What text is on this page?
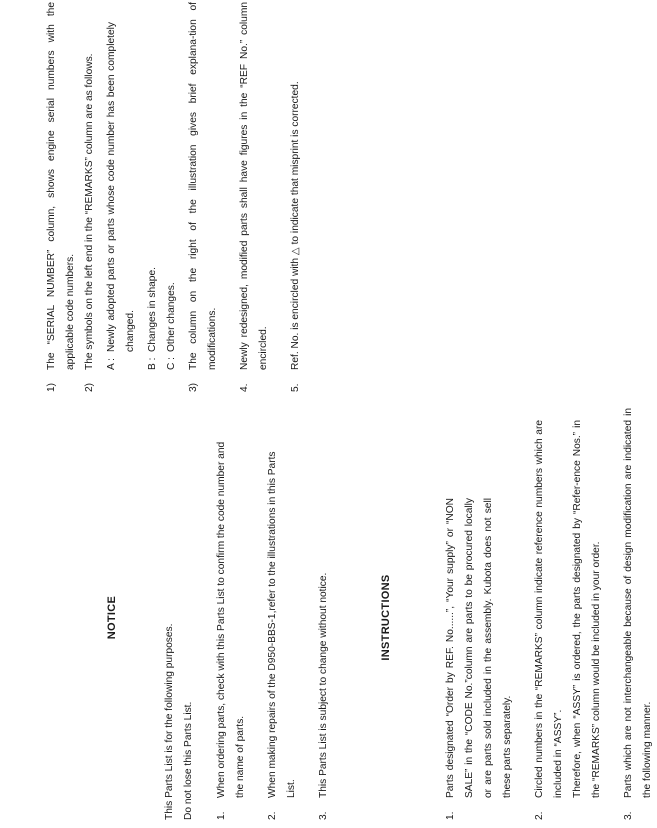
NOTICE

This Parts List is for the following purposes. Do not lose this Parts List.	1.
When ordering parts, check with this Parts List to confirm the code number and the name of parts.
2.
When making repairs of the D950-BBS-1,refer to the illustrations in this Parts List.
3.
This Parts List is subject to change without notice.	INSTRUCTIONS

1.
Parts designated “Order by REF. No......”, “Your supply” or “NON SALE” in the “CODE No.”column are parts to be procured locally or are parts sold included in the assembly. Kubota does not sell these parts separately.
2.
Circled numbers in the “REMARKS” column indicate reference numbers which are included in “ASSY”. Therefore, when “ASSY” is ordered, the parts designated by “Refer-ence Nos.” in the “REMARKS” column would be included in your order.

3.
Parts which are not interchangeable because of design modification are indicated in the following manner.
1)
The “SERIAL NUMBER” column, shows engine serial numbers with the applicable code numbers.
2)
The symbols on the left end in the “REMARKS” column are as follows.	A :
Newly adopted parts or parts whose code number has been completely changed.
B :
Changes in shape.
C :
Other changes.
3)
The column on the right of the illustration gives brief explana-tion of modifications.
4.
Newly redesigned, modified parts shall have figures in the “REF No.” column encircled.
5.
Ref. No. is encircled with △ to indicate that misprint is corrected.
